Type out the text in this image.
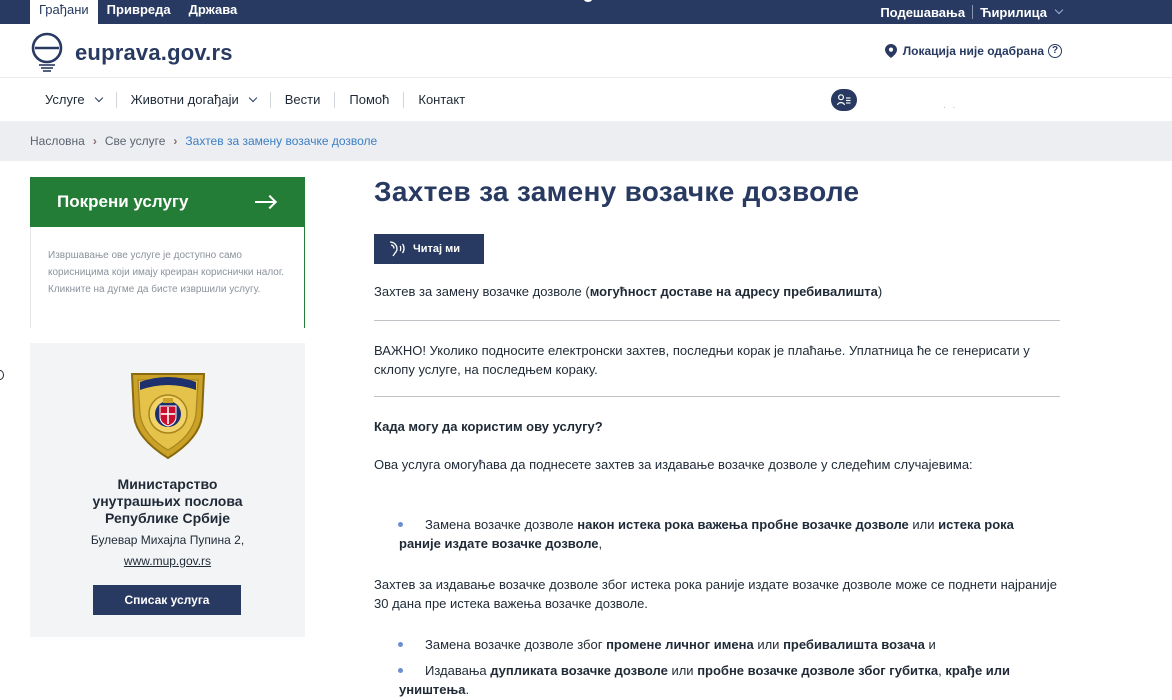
Грађани	Привреда	Држава	Подешавања Ћирилица
euprava.gov.rs	Локација није одабрана ?
Услуге	Животни догађаји	Вести Помоћ Контакт	. .
Насловна › Све услуге › Захтев за замену возачке дозволе
Покрени услугу
Извршавање ове услуге је доступно само корисницима који имају креиран кориснички налог. Кликните на дугме да бисте извршили услугу.
Министарство
унутрашњих послова
Републике Србије
Булевар Михајла Пупина 2,
www.mup.gov.rs
Списак услуга
Захтев за замену возачке дозволе
Читај ми

Захтев за замену возачке дозволе (могућност доставе на адресу пребивалишта)

ВАЖНО! Уколико подносите електронски захтев, последњи корак је плаћање. Уплатница ће се генерисати у склопу услуге, на последњем кораку.

Када могу да користим ову услугу?

Ова услуга омогућава да поднесете захтев за издавање возачке дозволе у следећим случајевима:

Замена возачке дозволе након истека рока важења пробне возачке дозволе или истека рока раније издате возачке дозволе,

Захтев за издавање возачке дозволе због истека рока раније издате возачке дозволе може се поднети најраније 30 дана пре истека важења возачке дозволе.

Замена возачке дозволе због промене личног имена или пребивалишта возача и
Издавања дупликата возачке дозволе или пробне возачке дозволе због губитка, крађе или уништења.
